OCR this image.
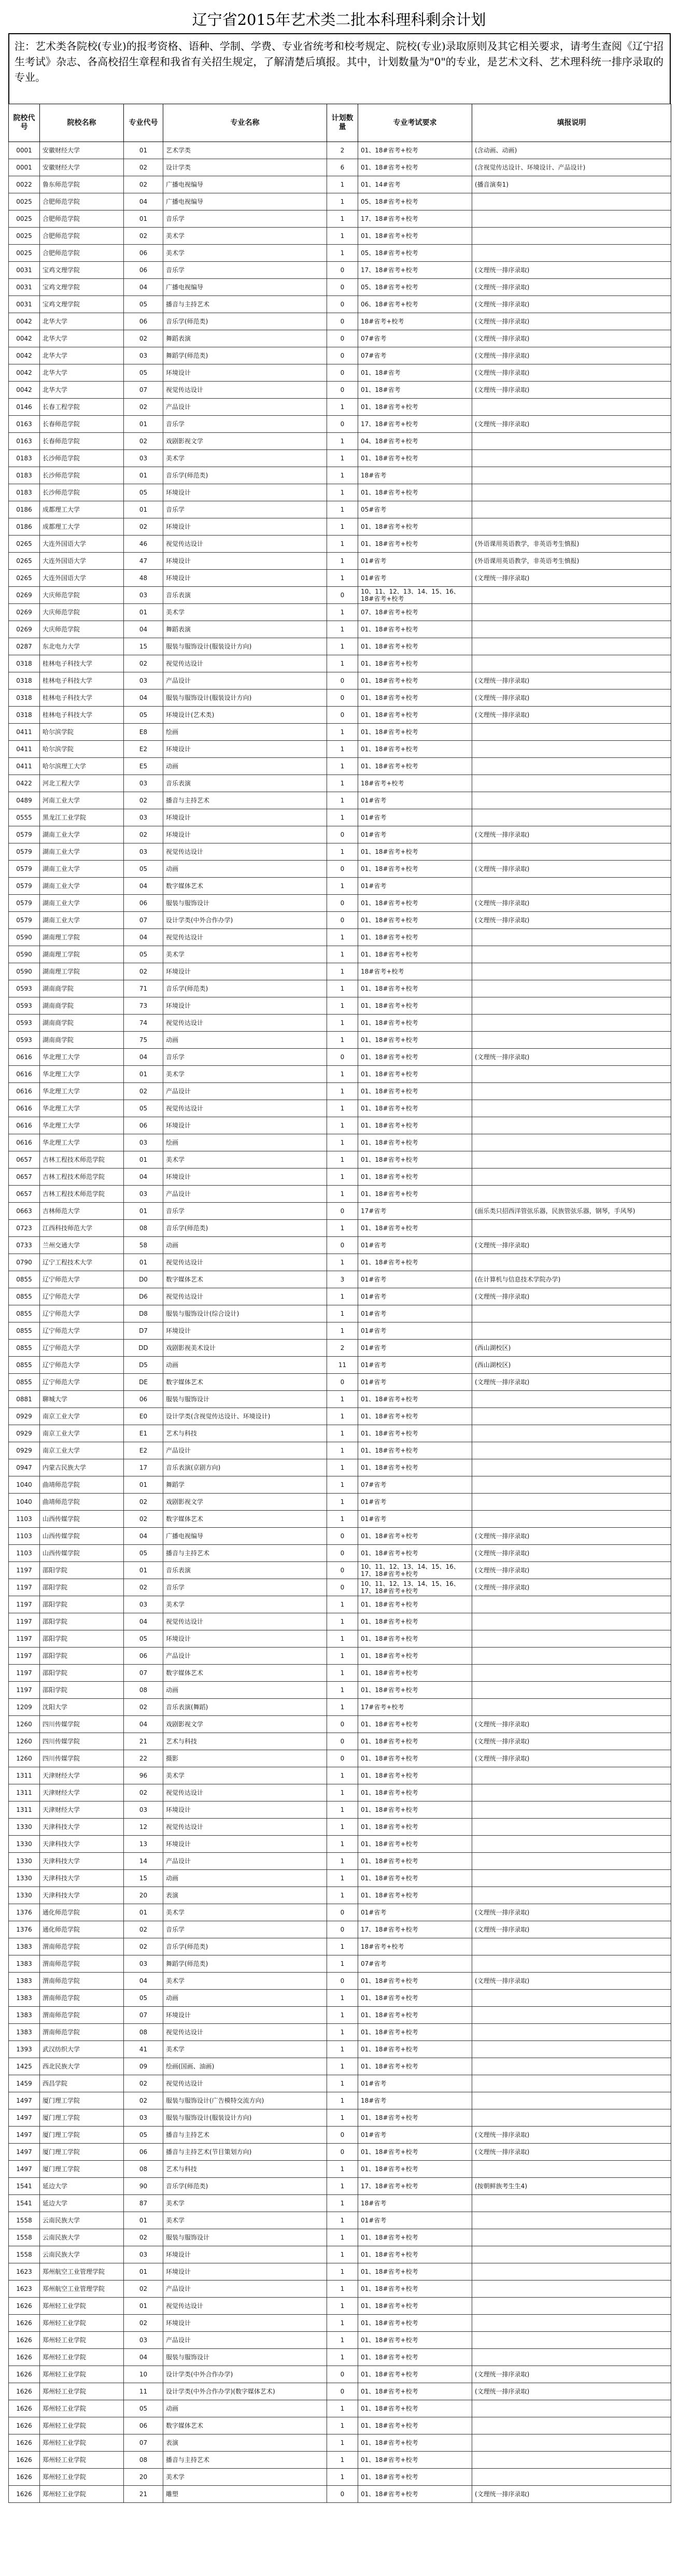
辽宁省2015年艺术类二批本科理科剩余计划
注：艺术类各院校(专业)的报考资格、语种、学制、学费、专业省统考和校考规定、院校(专业)录取原则及其它相关要求，请考生查阅《辽宁招生考试》杂志、各高校招生章程和我省有关招生规定，了解清楚后填报。其中，计划数量为"0"的专业，是艺术文科、艺术理科统一排序录取的专业。
院校代号	院校名称	专业代号	专业名称	计划数量	专业考试要求	填报说明
0001	安徽财经大学	01	艺术学类	2	01、18#省考+校考	(含动画、动画)
0001	安徽财经大学	02	设计学类	6	01、18#省考+校考	(含视觉传达设计、环境设计、产品设计)
0022	鲁东师范学院	02	广播电视编导	1	01、14#省考	(播音演奏1)
0025	合肥师范学院	04	广播电视编导	1	05、18#省考+校考	
0025	合肥师范学院	01	音乐学	1	17、18#省考+校考	
0025	合肥师范学院	02	美术学	1	01、18#省考+校考	
0025	合肥师范学院	06	美术学	1	05、18#省考+校考	
0031	宝鸡文理学院	06	音乐学	0	17、18#省考+校考	(文理统一排序录取)
0031	宝鸡文理学院	04	广播电视编导	0	05、18#省考+校考	(文理统一排序录取)
0031	宝鸡文理学院	05	播音与主持艺术	0	06、18#省考+校考	(文理统一排序录取)
0042	北华大学	06	音乐学(师范类)	0	18#省考+校考	(文理统一排序录取)
0042	北华大学	02	舞蹈表演	0	07#省考	(文理统一排序录取)
0042	北华大学	03	舞蹈学(师范类)	0	07#省考	(文理统一排序录取)
0042	北华大学	05	环境设计	0	01、18#省考	(文理统一排序录取)
0042	北华大学	07	视觉传达设计	0	01、18#省考	(文理统一排序录取)
0146	长春工程学院	02	产品设计	1	01、18#省考+校考	
0163	长春师范学院	01	音乐学	0	17、18#省考+校考	(文理统一排序录取)
0163	长春师范学院	02	戏剧影视文学	1	04、18#省考+校考	
0183	长沙师范学院	03	美术学	1	01、18#省考+校考	
0183	长沙师范学院	01	音乐学(师范类)	1	18#省考	
0183	长沙师范学院	05	环境设计	1	01、18#省考+校考	
0186	成都理工大学	01	音乐学	1	05#省考	
0186	成都理工大学	02	环境设计	1	01、18#省考+校考	
0265	大连外国语大学	46	视觉传达设计	1	01、18#省考+校考	(外语课用英语教学，非英语考生慎报)
0265	大连外国语大学	47	环境设计	1	01#省考	(外语课用英语教学，非英语考生慎报)
0265	大连外国语大学	48	环境设计	1	01#省考	(文理统一排序录取)
0269	大庆师范学院	03	音乐表演	0	10、11、12、13、14、15、16、18#省考+校考	
0269	大庆师范学院	01	美术学	1	07、18#省考+校考	
0269	大庆师范学院	04	舞蹈表演	1	01、18#省考+校考	
0287	东北电力大学	15	服装与服饰设计(服装设计方向)	1	01、18#省考+校考	
0318	桂林电子科技大学	02	视觉传达设计	1	01、18#省考+校考	
0318	桂林电子科技大学	03	产品设计	0	01、18#省考+校考	(文理统一排序录取)
0318	桂林电子科技大学	04	服装与服饰设计(服装设计方向)	0	01、18#省考+校考	(文理统一排序录取)
0318	桂林电子科技大学	05	环境设计(艺术类)	0	01、18#省考+校考	(文理统一排序录取)
0411	哈尔滨学院	E8	绘画	1	01、18#省考+校考	
0411	哈尔滨学院	E2	环境设计	1	01、18#省考+校考	
0411	哈尔滨理工大学	E5	动画	1	01、18#省考+校考	
0422	河北工程大学	03	音乐表演	1	18#省考+校考	
0489	河南工业大学	02	播音与主持艺术	1	01#省考	
0555	黑龙江工业学院	03	环境设计	1	01#省考	
0579	湖南工业大学	02	环境设计	0	01#省考	(文理统一排序录取)
0579	湖南工业大学	03	视觉传达设计	1	01、18#省考+校考	
0579	湖南工业大学	05	动画	0	01、18#省考+校考	(文理统一排序录取)
0579	湖南工业大学	04	数字媒体艺术	1	01#省考	
0579	湖南工业大学	06	服装与服饰设计	0	01、18#省考+校考	(文理统一排序录取)
0579	湖南工业大学	07	设计学类(中外合作办学)	0	01、18#省考+校考	(文理统一排序录取)
0590	湖南理工学院	04	视觉传达设计	1	01、18#省考+校考	
0590	湖南理工学院	05	美术学	1	01、18#省考+校考	
0590	湖南理工学院	02	环境设计	1	18#省考+校考	
0593	湖南商学院	71	音乐学(师范类)	1	01、18#省考+校考	
0593	湖南商学院	73	环境设计	1	01、18#省考+校考	
0593	湖南商学院	74	视觉传达设计	1	01、18#省考+校考	
0593	湖南商学院	75	动画	1	01、18#省考+校考	
0616	华北理工大学	04	音乐学	0	01、18#省考+校考	(文理统一排序录取)
0616	华北理工大学	01	美术学	1	01、18#省考+校考	
0616	华北理工大学	02	产品设计	1	01、18#省考+校考	
0616	华北理工大学	05	视觉传达设计	1	01、18#省考+校考	
0616	华北理工大学	06	环境设计	1	01、18#省考+校考	
0616	华北理工大学	03	绘画	1	01、18#省考+校考	
0657	吉林工程技术师范学院	01	美术学	1	01、18#省考+校考	
0657	吉林工程技术师范学院	04	环境设计	1	01、18#省考+校考	
0657	吉林工程技术师范学院	03	产品设计	1	01、18#省考+校考	
0663	吉林师范大学	01	音乐学	0	17#省考	(面乐类只招西洋管弦乐器，民族管弦乐器，钢琴，手风琴)
0723	江西科技师范大学	08	音乐学(师范类)	1	01、18#省考+校考	
0733	兰州交通大学	58	动画	0	01#省考	(文理统一排序录取)
0790	辽宁工程技术大学	01	视觉传达设计	1	01、18#省考+校考	
0855	辽宁师范大学	D0	数字媒体艺术	3	01#省考	(在计算机与信息技术学院办学)
0855	辽宁师范大学	D6	视觉传达设计	1	01#省考	(文理统一排序录取)
0855	辽宁师范大学	D8	服装与服饰设计(综合设计)	1	01#省考	
0855	辽宁师范大学	D7	环境设计	1	01#省考	
0855	辽宁师范大学	DD	戏剧影视美术设计	2	01#省考	(西山湖校区)
0855	辽宁师范大学	D5	动画	11	01#省考	(西山湖校区)
0855	辽宁师范大学	DE	数字媒体艺术	0	01#省考	(文理统一排序录取)
0881	聊城大学	06	服装与服饰设计	1	01、18#省考+校考	
0929	南京工业大学	E0	设计学类(含视觉传达设计、环境设计)	1	01、18#省考+校考	
0929	南京工业大学	E1	艺术与科技	1	01、18#省考+校考	
0929	南京工业大学	E2	产品设计	1	01、18#省考+校考	
0947	内蒙古民族大学	17	音乐表演(京剧方向)	1	01、18#省考+校考	
1040	曲靖师范学院	01	舞蹈学	1	07#省考	
1040	曲靖师范学院	02	戏剧影视文学	1	01#省考	
1103	山西传媒学院	02	数字媒体艺术	1	01#省考	
1103	山西传媒学院	04	广播电视编导	0	01、18#省考+校考	(文理统一排序录取)
1103	山西传媒学院	05	播音与主持艺术	0	01、18#省考+校考	(文理统一排序录取)
1197	邵阳学院	01	音乐表演	0	10、11、12、13、14、15、16、17、18#省考+校考	(文理统一排序录取)
1197	邵阳学院	02	音乐学	0	10、11、12、13、14、15、16、17、18#省考+校考	(文理统一排序录取)
1197	邵阳学院	03	美术学	1	01、18#省考+校考	
1197	邵阳学院	04	视觉传达设计	1	01、18#省考+校考	
1197	邵阳学院	05	环境设计	1	01、18#省考+校考	
1197	邵阳学院	06	产品设计	1	01、18#省考+校考	
1197	邵阳学院	07	数字媒体艺术	1	01、18#省考+校考	
1197	邵阳学院	08	动画	1	01、18#省考+校考	
1209	沈阳大学	02	音乐表演(舞蹈)	1	17#省考+校考	
1260	四川传媒学院	04	戏剧影视文学	0	01、18#省考+校考	(文理统一排序录取)
1260	四川传媒学院	21	艺术与科技	0	01、18#省考+校考	(文理统一排序录取)
1260	四川传媒学院	22	摄影	0	01、18#省考+校考	(文理统一排序录取)
1311	天津财经大学	96	美术学	1	01、18#省考+校考	
1311	天津财经大学	02	视觉传达设计	1	01、18#省考+校考	
1311	天津财经大学	03	环境设计	1	01、18#省考+校考	
1330	天津科技大学	12	视觉传达设计	1	01、18#省考+校考	
1330	天津科技大学	13	环境设计	1	01、18#省考+校考	
1330	天津科技大学	14	产品设计	1	01、18#省考+校考	
1330	天津科技大学	15	动画	1	01、18#省考+校考	
1330	天津科技大学	20	表演	1	01、18#省考+校考	
1376	通化师范学院	01	美术学	0	01#省考	(文理统一排序录取)
1376	通化师范学院	02	音乐学	0	17、18#省考+校考	(文理统一排序录取)
1383	渭南师范学院	02	音乐学(师范类)	1	18#省考+校考	
1383	渭南师范学院	03	舞蹈学(师范类)	1	07#省考	
1383	渭南师范学院	04	美术学	0	01、18#省考+校考	(文理统一排序录取)
1383	渭南师范学院	05	动画	1	01、18#省考+校考	
1383	渭南师范学院	07	环境设计	1	01、18#省考+校考	
1383	渭南师范学院	08	视觉传达设计	1	01、18#省考+校考	
1393	武汉纺织大学	41	美术学	1	01、18#省考+校考	
1425	西北民族大学	09	绘画(国画、油画)	1	01、18#省考+校考	
1459	西昌学院	02	视觉传达设计	1	01#省考	
1497	厦门理工学院	02	服装与服饰设计(广告模特交流方向)	1	18#省考	
1497	厦门理工学院	03	服装与服饰设计(服装设计方向)	1	01、18#省考+校考	
1497	厦门理工学院	05	播音与主持艺术	0	01#省考	(文理统一排序录取)
1497	厦门理工学院	06	播音与主持艺术(节目策划方向)	0	01、18#省考+校考	(文理统一排序录取)
1497	厦门理工学院	08	艺术与科技	1	01、18#省考+校考	
1541	延边大学	90	音乐学(师范类)	1	17、18#省考+校考	(按朝鲜族考生生4)
1541	延边大学	87	美术学	1	18#省考	
1558	云南民族大学	01	美术学	1	01#省考	
1558	云南民族大学	02	服装与服饰设计	1	01、18#省考+校考	
1558	云南民族大学	03	环境设计	1	01、18#省考+校考	
1623	郑州航空工业管理学院	01	环境设计	1	01、18#省考+校考	
1623	郑州航空工业管理学院	02	产品设计	1	01、18#省考+校考	
1626	郑州轻工业学院	01	视觉传达设计	1	01、18#省考+校考	
1626	郑州轻工业学院	02	环境设计	1	01、18#省考+校考	
1626	郑州轻工业学院	03	产品设计	1	01、18#省考+校考	
1626	郑州轻工业学院	04	服装与服饰设计	1	01、18#省考+校考	
1626	郑州轻工业学院	10	设计学类(中外合作办学)	0	01、18#省考+校考	(文理统一排序录取)
1626	郑州轻工业学院	11	设计学类(中外合作办学)(数字媒体艺术)	0	01、18#省考+校考	(文理统一排序录取)
1626	郑州轻工业学院	05	动画	1	01、18#省考+校考	
1626	郑州轻工业学院	06	数字媒体艺术	1	01、18#省考+校考	
1626	郑州轻工业学院	07	表演	1	01、18#省考+校考	
1626	郑州轻工业学院	08	播音与主持艺术	1	01、18#省考+校考	
1626	郑州轻工业学院	20	美术学	1	01、18#省考+校考	
1626	郑州轻工业学院	21	雕塑	0	01、18#省考+校考	(文理统一排序录取)
